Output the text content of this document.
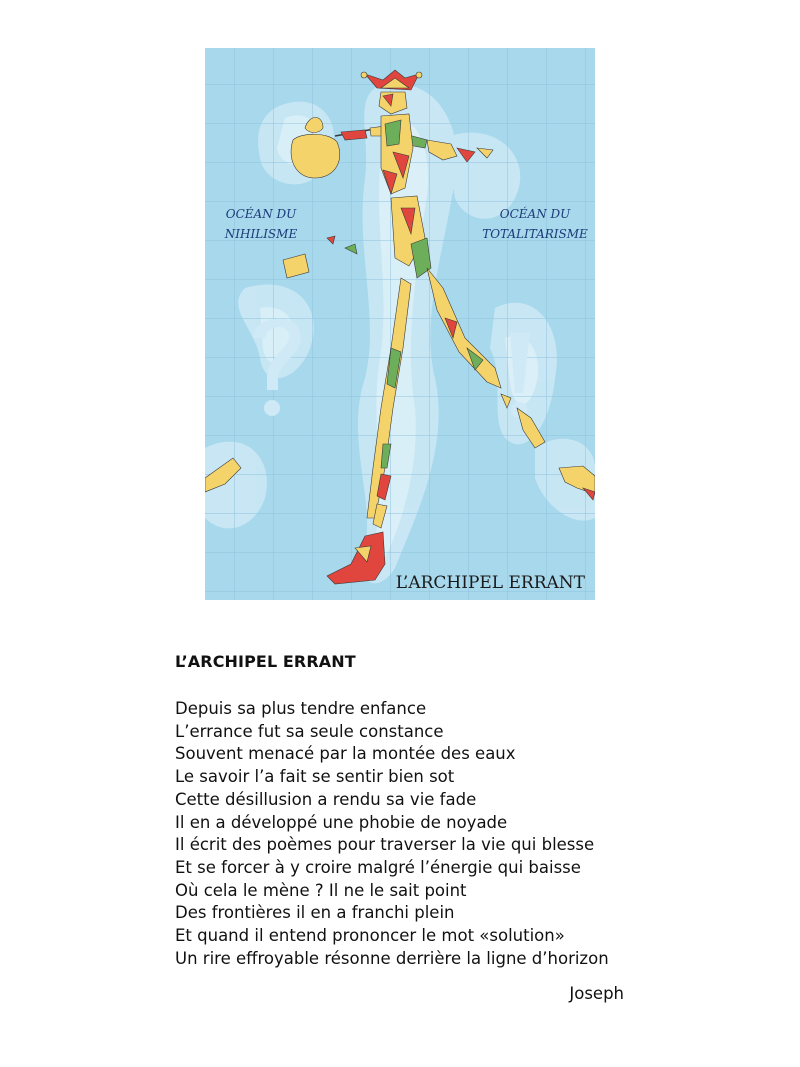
OCÉAN DU
NIHILISME
OCÉAN DU
TOTALITARISME
L’ARCHIPEL ERRANT
L’ARCHIPEL ERRANT
Depuis sa plus tendre enfance
L’errance fut sa seule constance
Souvent menacé par la montée des eaux
Le savoir l’a fait se sentir bien sot
Cette désillusion a rendu sa vie fade
Il en a développé une phobie de noyade
Il écrit des poèmes pour traverser la vie qui blesse
Et se forcer à y croire malgré l’énergie qui baisse
Où cela le mène ? Il ne le sait point
Des frontières il en a franchi plein
Et quand il entend prononcer le mot «solution»
Un rire effroyable résonne derrière la ligne d’horizon
Joseph
